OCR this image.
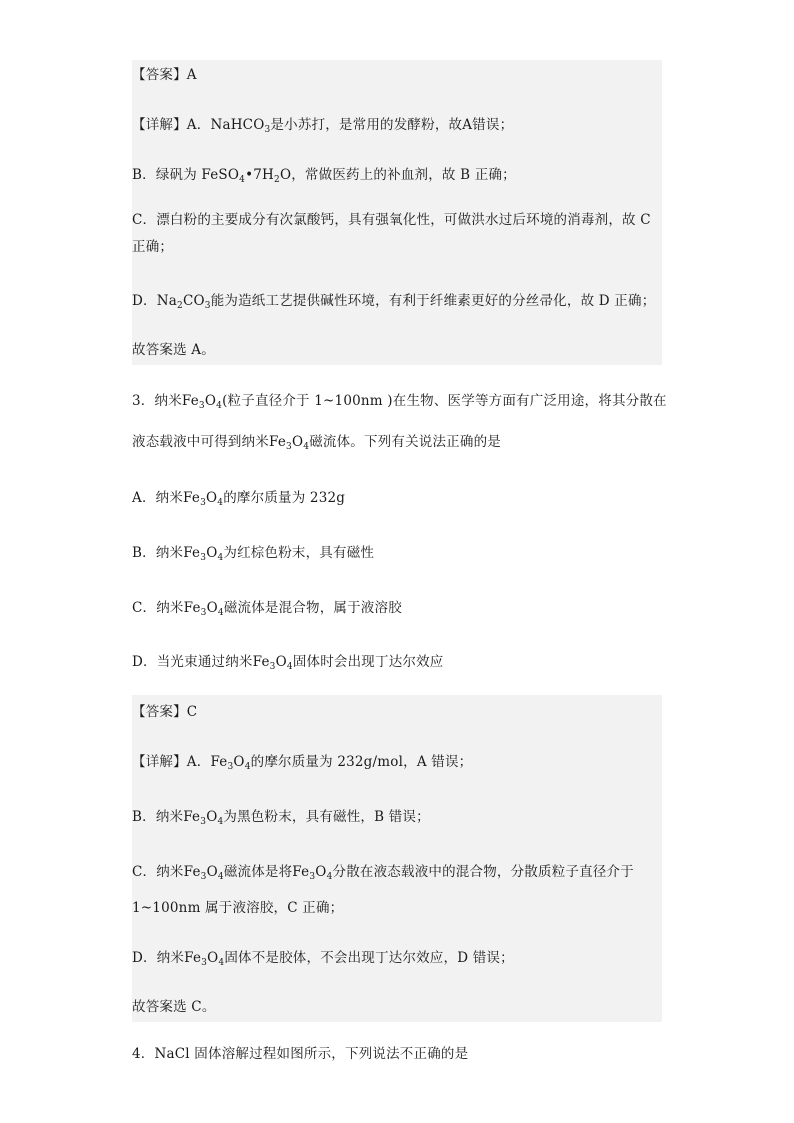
【答案】A
【详解】A．NaHCO$_3$是小苏打，是常用的发酵粉，故A错误；
B．绿矾为 $FeSO_4•7H_2O$，常做医药上的补血剂，故 B 正确；
C．漂白粉的主要成分有次氯酸钙，具有强氧化性，可做洪水过后环境的消毒剂，故 C 正确；
D．$Na_2CO_3$能为造纸工艺提供碱性环境，有利于纤维素更好的分丝帚化，故 D 正确；
故答案选 A。
3．纳米$Fe_3O_4$(粒子直径介于 1~100nm )在生物、医学等方面有广泛用途，将其分散在
液态载液中可得到纳米$Fe_3O_4$磁流体。下列有关说法正确的是
A．纳米$Fe_3O_4$的摩尔质量为 232g
B．纳米$Fe_3O_4$为红棕色粉末，具有磁性
C．纳米$Fe_3O_4$磁流体是混合物，属于液溶胶
D．当光束通过纳米$Fe_3O_4$固体时会出现丁达尔效应
【答案】C
【详解】A．$Fe_3O_4$的摩尔质量为 232g/mol，A 错误；
B．纳米$Fe_3O_4$为黑色粉末，具有磁性，B 错误；
C．纳米$Fe_3O_4$磁流体是将$Fe_3O_4$分散在液态载液中的混合物，分散质粒子直径介于
1~100nm 属于液溶胶，C 正确；
D．纳米$Fe_3O_4$固体不是胶体，不会出现丁达尔效应，D 错误；
故答案选 C。
4．NaCl 固体溶解过程如图所示，下列说法不正确的是
